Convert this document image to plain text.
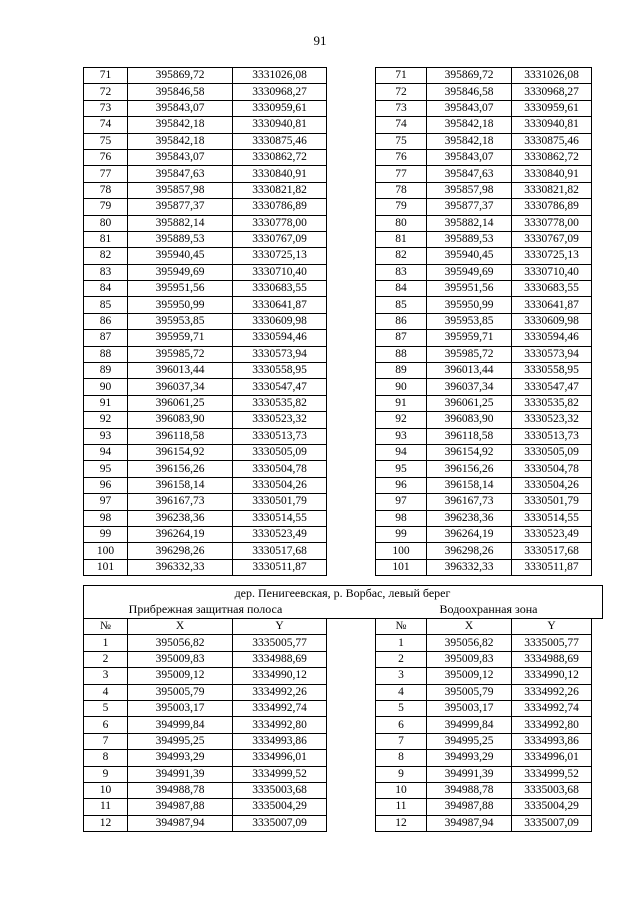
91
71	395869,72	3331026,08
72	395846,58	3330968,27
73	395843,07	3330959,61
74	395842,18	3330940,81
75	395842,18	3330875,46
76	395843,07	3330862,72
77	395847,63	3330840,91
78	395857,98	3330821,82
79	395877,37	3330786,89
80	395882,14	3330778,00
81	395889,53	3330767,09
82	395940,45	3330725,13
83	395949,69	3330710,40
84	395951,56	3330683,55
85	395950,99	3330641,87
86	395953,85	3330609,98
87	395959,71	3330594,46
88	395985,72	3330573,94
89	396013,44	3330558,95
90	396037,34	3330547,47
91	396061,25	3330535,82
92	396083,90	3330523,32
93	396118,58	3330513,73
94	396154,92	3330505,09
95	396156,26	3330504,78
96	396158,14	3330504,26
97	396167,73	3330501,79
98	396238,36	3330514,55
99	396264,19	3330523,49
100	396298,26	3330517,68
101	396332,33	3330511,87
71	395869,72	3331026,08
72	395846,58	3330968,27
73	395843,07	3330959,61
74	395842,18	3330940,81
75	395842,18	3330875,46
76	395843,07	3330862,72
77	395847,63	3330840,91
78	395857,98	3330821,82
79	395877,37	3330786,89
80	395882,14	3330778,00
81	395889,53	3330767,09
82	395940,45	3330725,13
83	395949,69	3330710,40
84	395951,56	3330683,55
85	395950,99	3330641,87
86	395953,85	3330609,98
87	395959,71	3330594,46
88	395985,72	3330573,94
89	396013,44	3330558,95
90	396037,34	3330547,47
91	396061,25	3330535,82
92	396083,90	3330523,32
93	396118,58	3330513,73
94	396154,92	3330505,09
95	396156,26	3330504,78
96	396158,14	3330504,26
97	396167,73	3330501,79
98	396238,36	3330514,55
99	396264,19	3330523,49
100	396298,26	3330517,68
101	396332,33	3330511,87
дер. Пенигеевская, р. Ворбас, левый берег
Прибрежная защитная полоса	Водоохранная зона
№	X	Y
1	395056,82	3335005,77
2	395009,83	3334988,69
3	395009,12	3334990,12
4	395005,79	3334992,26
5	395003,17	3334992,74
6	394999,84	3334992,80
7	394995,25	3334993,86
8	394993,29	3334996,01
9	394991,39	3334999,52
10	394988,78	3335003,68
11	394987,88	3335004,29
12	394987,94	3335007,09
№	X	Y
1	395056,82	3335005,77
2	395009,83	3334988,69
3	395009,12	3334990,12
4	395005,79	3334992,26
5	395003,17	3334992,74
6	394999,84	3334992,80
7	394995,25	3334993,86
8	394993,29	3334996,01
9	394991,39	3334999,52
10	394988,78	3335003,68
11	394987,88	3335004,29
12	394987,94	3335007,09
